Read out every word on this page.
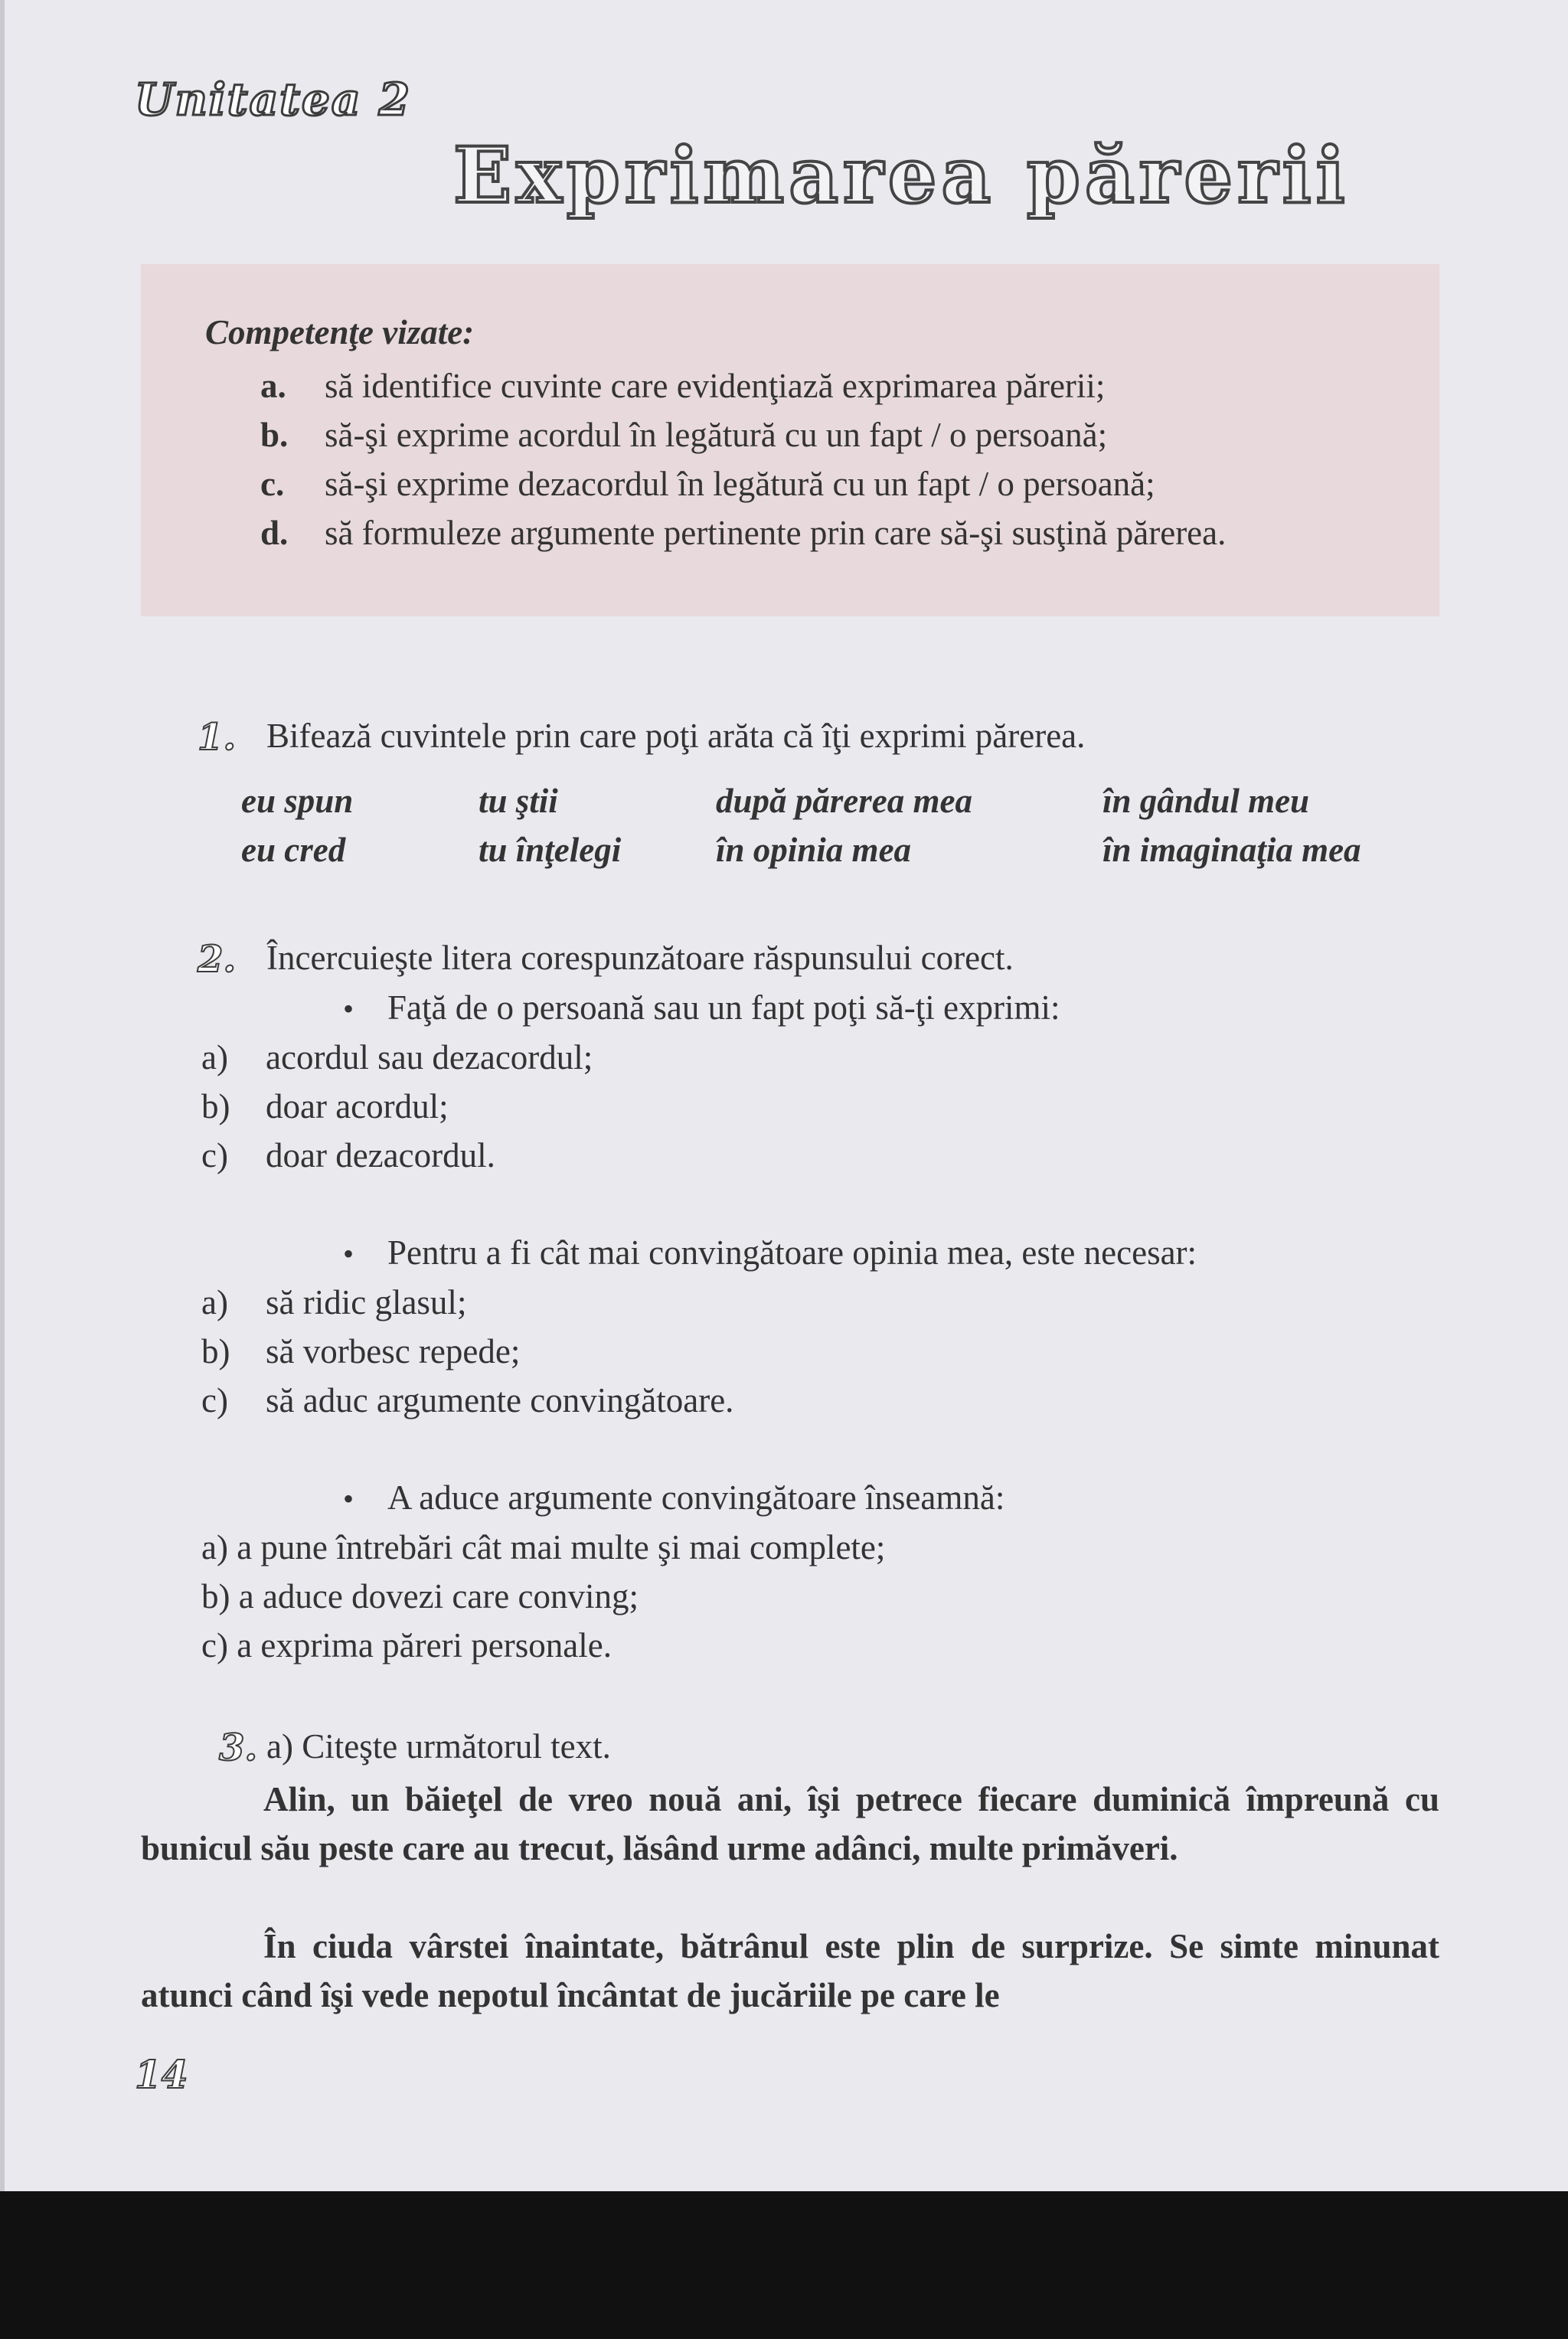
Unitatea 2
Exprimarea părerii
Competenţe vizate:
a. să identifice cuvinte care evidenţiază exprimarea părerii;
b. să-şi exprime acordul în legătură cu un fapt / o persoană;
c. să-şi exprime dezacordul în legătură cu un fapt / o persoană;
d. să formuleze argumente pertinente prin care să-şi susţină părerea.
1. Bifează cuvintele prin care poţi arăta că îţi exprimi părerea.
eu spun	tu ştii	după părerea mea	în gândul meu
eu cred	tu înţelegi	în opinia mea	în imaginaţia mea
2. Încercuieşte litera corespunzătoare răspunsului corect.
• Faţă de o persoană sau un fapt poţi să-ţi exprimi:
a) acordul sau dezacordul;
b) doar acordul;
c) doar dezacordul.
• Pentru a fi cât mai convingătoare opinia mea, este necesar:
a) să ridic glasul;
b) să vorbesc repede;
c) să aduc argumente convingătoare.
• A aduce argumente convingătoare înseamnă:
a) a pune întrebări cât mai multe şi mai complete;
b) a aduce dovezi care conving;
c) a exprima păreri personale.
3. a) Citeşte următorul text.
Alin, un băieţel de vreo nouă ani, îşi petrece fiecare duminică împreună cu bunicul său peste care au trecut, lăsând urme adânci, multe primăveri.
În ciuda vârstei înaintate, bătrânul este plin de surprize. Se simte minunat atunci când îşi vede nepotul încântat de jucăriile pe care le
14
